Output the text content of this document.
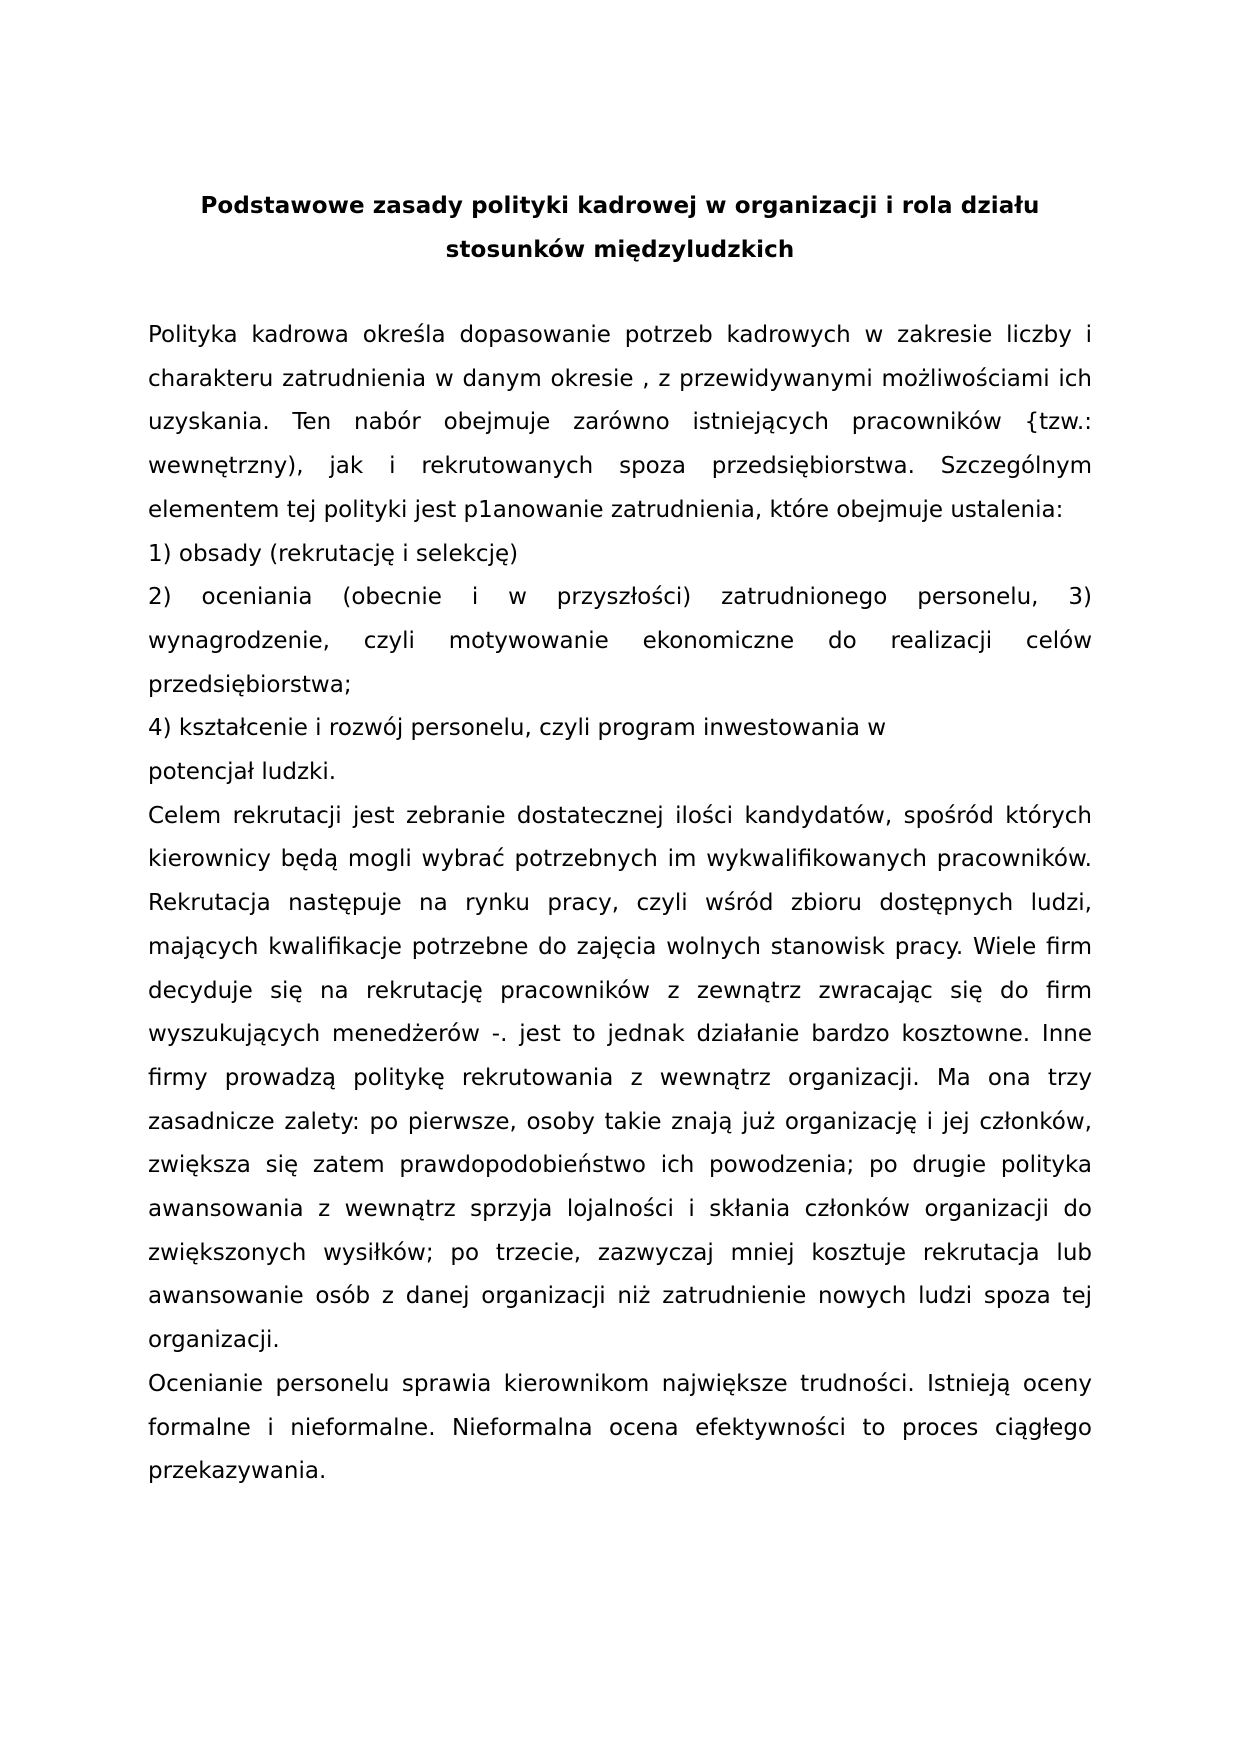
Podstawowe zasady polityki kadrowej w organizacji i rola działu
stosunków międzyludzkich

Polityka kadrowa określa dopasowanie potrzeb kadrowych w zakresie liczby i charakteru zatrudnienia w danym okresie , z przewidywanymi możliwościami ich uzyskania. Ten nabór obejmuje zarówno istniejących pracowników {tzw.: wewnętrzny), jak i rekrutowanych spoza przedsiębiorstwa. Szczególnym elementem tej polityki jest p1anowanie zatrudnienia, które obejmuje ustalenia:

1) obsady (rekrutację i selekcję)

2) oceniania (obecnie i w przyszłości) zatrudnionego personelu, 3) wynagrodzenie, czyli motywowanie ekonomiczne do realizacji celów przedsiębiorstwa;

4) kształcenie i rozwój personelu, czyli program inwestowania w

potencjał ludzki.

Celem rekrutacji jest zebranie dostatecznej ilości kandydatów, spośród których kierownicy będą mogli wybrać potrzebnych im wykwalifikowanych pracowników. Rekrutacja następuje na rynku pracy, czyli wśród zbioru dostępnych ludzi, mających kwalifikacje potrzebne do zajęcia wolnych stanowisk pracy. Wiele firm decyduje się na rekrutację pracowników z zewnątrz zwracając się do firm wyszukujących menedżerów -. jest to jednak działanie bardzo kosztowne. Inne firmy prowadzą politykę rekrutowania z wewnątrz organizacji. Ma ona trzy zasadnicze zalety: po pierwsze, osoby takie znają już organizację i jej członków, zwiększa się zatem prawdopodobieństwo ich powodzenia; po drugie polityka awansowania z wewnątrz sprzyja lojalności i skłania członków organizacji do zwiększonych wysiłków; po trzecie, zazwyczaj mniej kosztuje rekrutacja lub awansowanie osób z danej organizacji niż zatrudnienie nowych ludzi spoza tej organizacji.

Ocenianie personelu sprawia kierownikom największe trudności. Istnieją oceny formalne i nieformalne. Nieformalna ocena efektywności to proces ciągłego przekazywania.
